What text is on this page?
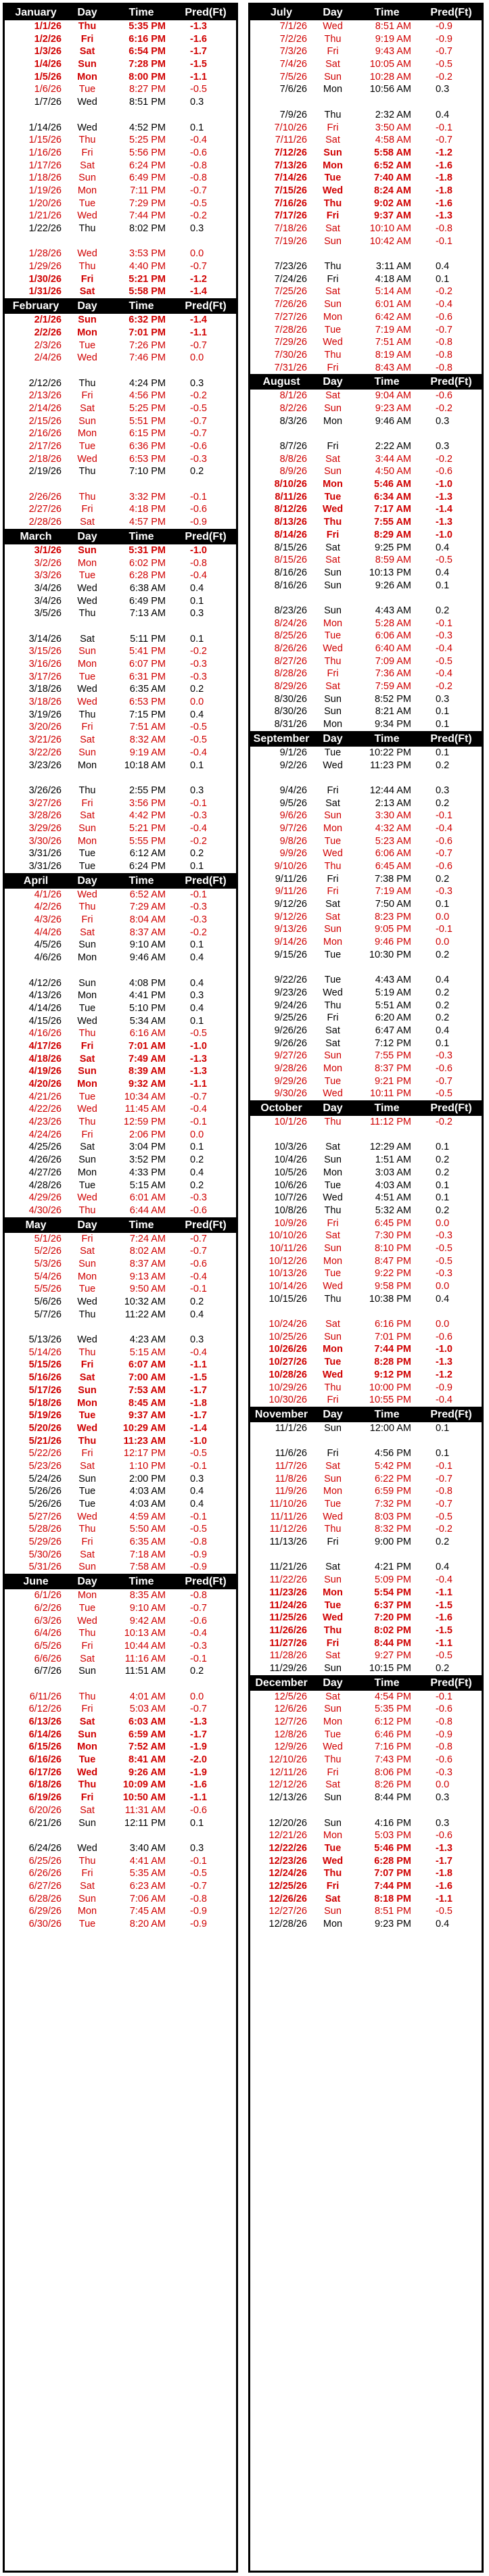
January	Day	Time	Pred(Ft)
1/1/26	Thu	5:35 PM	-1.3
1/2/26	Fri	6:16 PM	-1.6
1/3/26	Sat	6:54 PM	-1.7
1/4/26	Sun	7:28 PM	-1.5
1/5/26	Mon	8:00 PM	-1.1
1/6/26	Tue	8:27 PM	-0.5
1/7/26	Wed	8:51 PM	0.3
1/14/26	Wed	4:52 PM	0.1
1/15/26	Thu	5:25 PM	-0.4
1/16/26	Fri	5:56 PM	-0.6
1/17/26	Sat	6:24 PM	-0.8
1/18/26	Sun	6:49 PM	-0.8
1/19/26	Mon	7:11 PM	-0.7
1/20/26	Tue	7:29 PM	-0.5
1/21/26	Wed	7:44 PM	-0.2
1/22/26	Thu	8:02 PM	0.3
1/28/26	Wed	3:53 PM	0.0
1/29/26	Thu	4:40 PM	-0.7
1/30/26	Fri	5:21 PM	-1.2
1/31/26	Sat	5:58 PM	-1.4
February	Day	Time	Pred(Ft)
2/1/26	Sun	6:32 PM	-1.4
2/2/26	Mon	7:01 PM	-1.1
2/3/26	Tue	7:26 PM	-0.7
2/4/26	Wed	7:46 PM	0.0
2/12/26	Thu	4:24 PM	0.3
2/13/26	Fri	4:56 PM	-0.2
2/14/26	Sat	5:25 PM	-0.5
2/15/26	Sun	5:51 PM	-0.7
2/16/26	Mon	6:15 PM	-0.7
2/17/26	Tue	6:36 PM	-0.6
2/18/26	Wed	6:53 PM	-0.3
2/19/26	Thu	7:10 PM	0.2
2/26/26	Thu	3:32 PM	-0.1
2/27/26	Fri	4:18 PM	-0.6
2/28/26	Sat	4:57 PM	-0.9
March	Day	Time	Pred(Ft)
3/1/26	Sun	5:31 PM	-1.0
3/2/26	Mon	6:02 PM	-0.8
3/3/26	Tue	6:28 PM	-0.4
3/4/26	Wed	6:38 AM	0.4
3/4/26	Wed	6:49 PM	0.1
3/5/26	Thu	7:13 AM	0.3
3/14/26	Sat	5:11 PM	0.1
3/15/26	Sun	5:41 PM	-0.2
3/16/26	Mon	6:07 PM	-0.3
3/17/26	Tue	6:31 PM	-0.3
3/18/26	Wed	6:35 AM	0.2
3/18/26	Wed	6:53 PM	0.0
3/19/26	Thu	7:15 PM	0.4
3/20/26	Fri	7:51 AM	-0.5
3/21/26	Sat	8:32 AM	-0.5
3/22/26	Sun	9:19 AM	-0.4
3/23/26	Mon	10:18 AM	0.1
3/26/26	Thu	2:55 PM	0.3
3/27/26	Fri	3:56 PM	-0.1
3/28/26	Sat	4:42 PM	-0.3
3/29/26	Sun	5:21 PM	-0.4
3/30/26	Mon	5:55 PM	-0.2
3/31/26	Tue	6:12 AM	0.2
3/31/26	Tue	6:24 PM	0.1
April	Day	Time	Pred(Ft)
4/1/26	Wed	6:52 AM	-0.1
4/2/26	Thu	7:29 AM	-0.3
4/3/26	Fri	8:04 AM	-0.3
4/4/26	Sat	8:37 AM	-0.2
4/5/26	Sun	9:10 AM	0.1
4/6/26	Mon	9:46 AM	0.4
4/12/26	Sun	4:08 PM	0.4
4/13/26	Mon	4:41 PM	0.3
4/14/26	Tue	5:10 PM	0.4
4/15/26	Wed	5:34 AM	0.1
4/16/26	Thu	6:16 AM	-0.5
4/17/26	Fri	7:01 AM	-1.0
4/18/26	Sat	7:49 AM	-1.3
4/19/26	Sun	8:39 AM	-1.3
4/20/26	Mon	9:32 AM	-1.1
4/21/26	Tue	10:34 AM	-0.7
4/22/26	Wed	11:45 AM	-0.4
4/23/26	Thu	12:59 PM	-0.1
4/24/26	Fri	2:06 PM	0.0
4/25/26	Sat	3:04 PM	0.1
4/26/26	Sun	3:52 PM	0.2
4/27/26	Mon	4:33 PM	0.4
4/28/26	Tue	5:15 AM	0.2
4/29/26	Wed	6:01 AM	-0.3
4/30/26	Thu	6:44 AM	-0.6
May	Day	Time	Pred(Ft)
5/1/26	Fri	7:24 AM	-0.7
5/2/26	Sat	8:02 AM	-0.7
5/3/26	Sun	8:37 AM	-0.6
5/4/26	Mon	9:13 AM	-0.4
5/5/26	Tue	9:50 AM	-0.1
5/6/26	Wed	10:32 AM	0.2
5/7/26	Thu	11:22 AM	0.4
5/13/26	Wed	4:23 AM	0.3
5/14/26	Thu	5:15 AM	-0.4
5/15/26	Fri	6:07 AM	-1.1
5/16/26	Sat	7:00 AM	-1.5
5/17/26	Sun	7:53 AM	-1.7
5/18/26	Mon	8:45 AM	-1.8
5/19/26	Tue	9:37 AM	-1.7
5/20/26	Wed	10:29 AM	-1.4
5/21/26	Thu	11:23 AM	-1.0
5/22/26	Fri	12:17 PM	-0.5
5/23/26	Sat	1:10 PM	-0.1
5/24/26	Sun	2:00 PM	0.3
5/26/26	Tue	4:03 AM	0.4
5/26/26	Tue	4:03 AM	0.4
5/27/26	Wed	4:59 AM	-0.1
5/28/26	Thu	5:50 AM	-0.5
5/29/26	Fri	6:35 AM	-0.8
5/30/26	Sat	7:18 AM	-0.9
5/31/26	Sun	7:58 AM	-0.9
June	Day	Time	Pred(Ft)
6/1/26	Mon	8:35 AM	-0.8
6/2/26	Tue	9:10 AM	-0.7
6/3/26	Wed	9:42 AM	-0.6
6/4/26	Thu	10:13 AM	-0.4
6/5/26	Fri	10:44 AM	-0.3
6/6/26	Sat	11:16 AM	-0.1
6/7/26	Sun	11:51 AM	0.2
6/11/26	Thu	4:01 AM	0.0
6/12/26	Fri	5:03 AM	-0.7
6/13/26	Sat	6:03 AM	-1.3
6/14/26	Sun	6:59 AM	-1.7
6/15/26	Mon	7:52 AM	-1.9
6/16/26	Tue	8:41 AM	-2.0
6/17/26	Wed	9:26 AM	-1.9
6/18/26	Thu	10:09 AM	-1.6
6/19/26	Fri	10:50 AM	-1.1
6/20/26	Sat	11:31 AM	-0.6
6/21/26	Sun	12:11 PM	0.1
6/24/26	Wed	3:40 AM	0.3
6/25/26	Thu	4:41 AM	-0.1
6/26/26	Fri	5:35 AM	-0.5
6/27/26	Sat	6:23 AM	-0.7
6/28/26	Sun	7:06 AM	-0.8
6/29/26	Mon	7:45 AM	-0.9
6/30/26	Tue	8:20 AM	-0.9
July	Day	Time	Pred(Ft)
7/1/26	Wed	8:51 AM	-0.9
7/2/26	Thu	9:19 AM	-0.9
7/3/26	Fri	9:43 AM	-0.7
7/4/26	Sat	10:05 AM	-0.5
7/5/26	Sun	10:28 AM	-0.2
7/6/26	Mon	10:56 AM	0.3
7/9/26	Thu	2:32 AM	0.4
7/10/26	Fri	3:50 AM	-0.1
7/11/26	Sat	4:58 AM	-0.7
7/12/26	Sun	5:58 AM	-1.2
7/13/26	Mon	6:52 AM	-1.6
7/14/26	Tue	7:40 AM	-1.8
7/15/26	Wed	8:24 AM	-1.8
7/16/26	Thu	9:02 AM	-1.6
7/17/26	Fri	9:37 AM	-1.3
7/18/26	Sat	10:10 AM	-0.8
7/19/26	Sun	10:42 AM	-0.1
7/23/26	Thu	3:11 AM	0.4
7/24/26	Fri	4:18 AM	0.1
7/25/26	Sat	5:14 AM	-0.2
7/26/26	Sun	6:01 AM	-0.4
7/27/26	Mon	6:42 AM	-0.6
7/28/26	Tue	7:19 AM	-0.7
7/29/26	Wed	7:51 AM	-0.8
7/30/26	Thu	8:19 AM	-0.8
7/31/26	Fri	8:43 AM	-0.8
August	Day	Time	Pred(Ft)
8/1/26	Sat	9:04 AM	-0.6
8/2/26	Sun	9:23 AM	-0.2
8/3/26	Mon	9:46 AM	0.3
8/7/26	Fri	2:22 AM	0.3
8/8/26	Sat	3:44 AM	-0.2
8/9/26	Sun	4:50 AM	-0.6
8/10/26	Mon	5:46 AM	-1.0
8/11/26	Tue	6:34 AM	-1.3
8/12/26	Wed	7:17 AM	-1.4
8/13/26	Thu	7:55 AM	-1.3
8/14/26	Fri	8:29 AM	-1.0
8/15/26	Sat	9:25 PM	0.4
8/15/26	Sat	8:59 AM	-0.5
8/16/26	Sun	10:13 PM	0.4
8/16/26	Sun	9:26 AM	0.1
8/23/26	Sun	4:43 AM	0.2
8/24/26	Mon	5:28 AM	-0.1
8/25/26	Tue	6:06 AM	-0.3
8/26/26	Wed	6:40 AM	-0.4
8/27/26	Thu	7:09 AM	-0.5
8/28/26	Fri	7:36 AM	-0.4
8/29/26	Sat	7:59 AM	-0.2
8/30/26	Sun	8:52 PM	0.3
8/30/26	Sun	8:21 AM	0.1
8/31/26	Mon	9:34 PM	0.1
September	Day	Time	Pred(Ft)
9/1/26	Tue	10:22 PM	0.1
9/2/26	Wed	11:23 PM	0.2
9/4/26	Fri	12:44 AM	0.3
9/5/26	Sat	2:13 AM	0.2
9/6/26	Sun	3:30 AM	-0.1
9/7/26	Mon	4:32 AM	-0.4
9/8/26	Tue	5:23 AM	-0.6
9/9/26	Wed	6:06 AM	-0.7
9/10/26	Thu	6:45 AM	-0.6
9/11/26	Fri	7:38 PM	0.2
9/11/26	Fri	7:19 AM	-0.3
9/12/26	Sat	7:50 AM	0.1
9/12/26	Sat	8:23 PM	0.0
9/13/26	Sun	9:05 PM	-0.1
9/14/26	Mon	9:46 PM	0.0
9/15/26	Tue	10:30 PM	0.2
9/22/26	Tue	4:43 AM	0.4
9/23/26	Wed	5:19 AM	0.2
9/24/26	Thu	5:51 AM	0.2
9/25/26	Fri	6:20 AM	0.2
9/26/26	Sat	6:47 AM	0.4
9/26/26	Sat	7:12 PM	0.1
9/27/26	Sun	7:55 PM	-0.3
9/28/26	Mon	8:37 PM	-0.6
9/29/26	Tue	9:21 PM	-0.7
9/30/26	Wed	10:11 PM	-0.5
October	Day	Time	Pred(Ft)
10/1/26	Thu	11:12 PM	-0.2
10/3/26	Sat	12:29 AM	0.1
10/4/26	Sun	1:51 AM	0.2
10/5/26	Mon	3:03 AM	0.2
10/6/26	Tue	4:03 AM	0.1
10/7/26	Wed	4:51 AM	0.1
10/8/26	Thu	5:32 AM	0.2
10/9/26	Fri	6:45 PM	0.0
10/10/26	Sat	7:30 PM	-0.3
10/11/26	Sun	8:10 PM	-0.5
10/12/26	Mon	8:47 PM	-0.5
10/13/26	Tue	9:22 PM	-0.3
10/14/26	Wed	9:58 PM	0.0
10/15/26	Thu	10:38 PM	0.4
10/24/26	Sat	6:16 PM	0.0
10/25/26	Sun	7:01 PM	-0.6
10/26/26	Mon	7:44 PM	-1.0
10/27/26	Tue	8:28 PM	-1.3
10/28/26	Wed	9:12 PM	-1.2
10/29/26	Thu	10:00 PM	-0.9
10/30/26	Fri	10:55 PM	-0.4
November	Day	Time	Pred(Ft)
11/1/26	Sun	12:00 AM	0.1
11/6/26	Fri	4:56 PM	0.1
11/7/26	Sat	5:42 PM	-0.1
11/8/26	Sun	6:22 PM	-0.7
11/9/26	Mon	6:59 PM	-0.8
11/10/26	Tue	7:32 PM	-0.7
11/11/26	Wed	8:03 PM	-0.5
11/12/26	Thu	8:32 PM	-0.2
11/13/26	Fri	9:00 PM	0.2
11/21/26	Sat	4:21 PM	0.4
11/22/26	Sun	5:09 PM	-0.4
11/23/26	Mon	5:54 PM	-1.1
11/24/26	Tue	6:37 PM	-1.5
11/25/26	Wed	7:20 PM	-1.6
11/26/26	Thu	8:02 PM	-1.5
11/27/26	Fri	8:44 PM	-1.1
11/28/26	Sat	9:27 PM	-0.5
11/29/26	Sun	10:15 PM	0.2
December	Day	Time	Pred(Ft)
12/5/26	Sat	4:54 PM	-0.1
12/6/26	Sun	5:35 PM	-0.6
12/7/26	Mon	6:12 PM	-0.8
12/8/26	Tue	6:46 PM	-0.9
12/9/26	Wed	7:16 PM	-0.8
12/10/26	Thu	7:43 PM	-0.6
12/11/26	Fri	8:06 PM	-0.3
12/12/26	Sat	8:26 PM	0.0
12/13/26	Sun	8:44 PM	0.3
12/20/26	Sun	4:16 PM	0.3
12/21/26	Mon	5:03 PM	-0.6
12/22/26	Tue	5:46 PM	-1.3
12/23/26	Wed	6:28 PM	-1.7
12/24/26	Thu	7:07 PM	-1.8
12/25/26	Fri	7:44 PM	-1.6
12/26/26	Sat	8:18 PM	-1.1
12/27/26	Sun	8:51 PM	-0.5
12/28/26	Mon	9:23 PM	0.4
